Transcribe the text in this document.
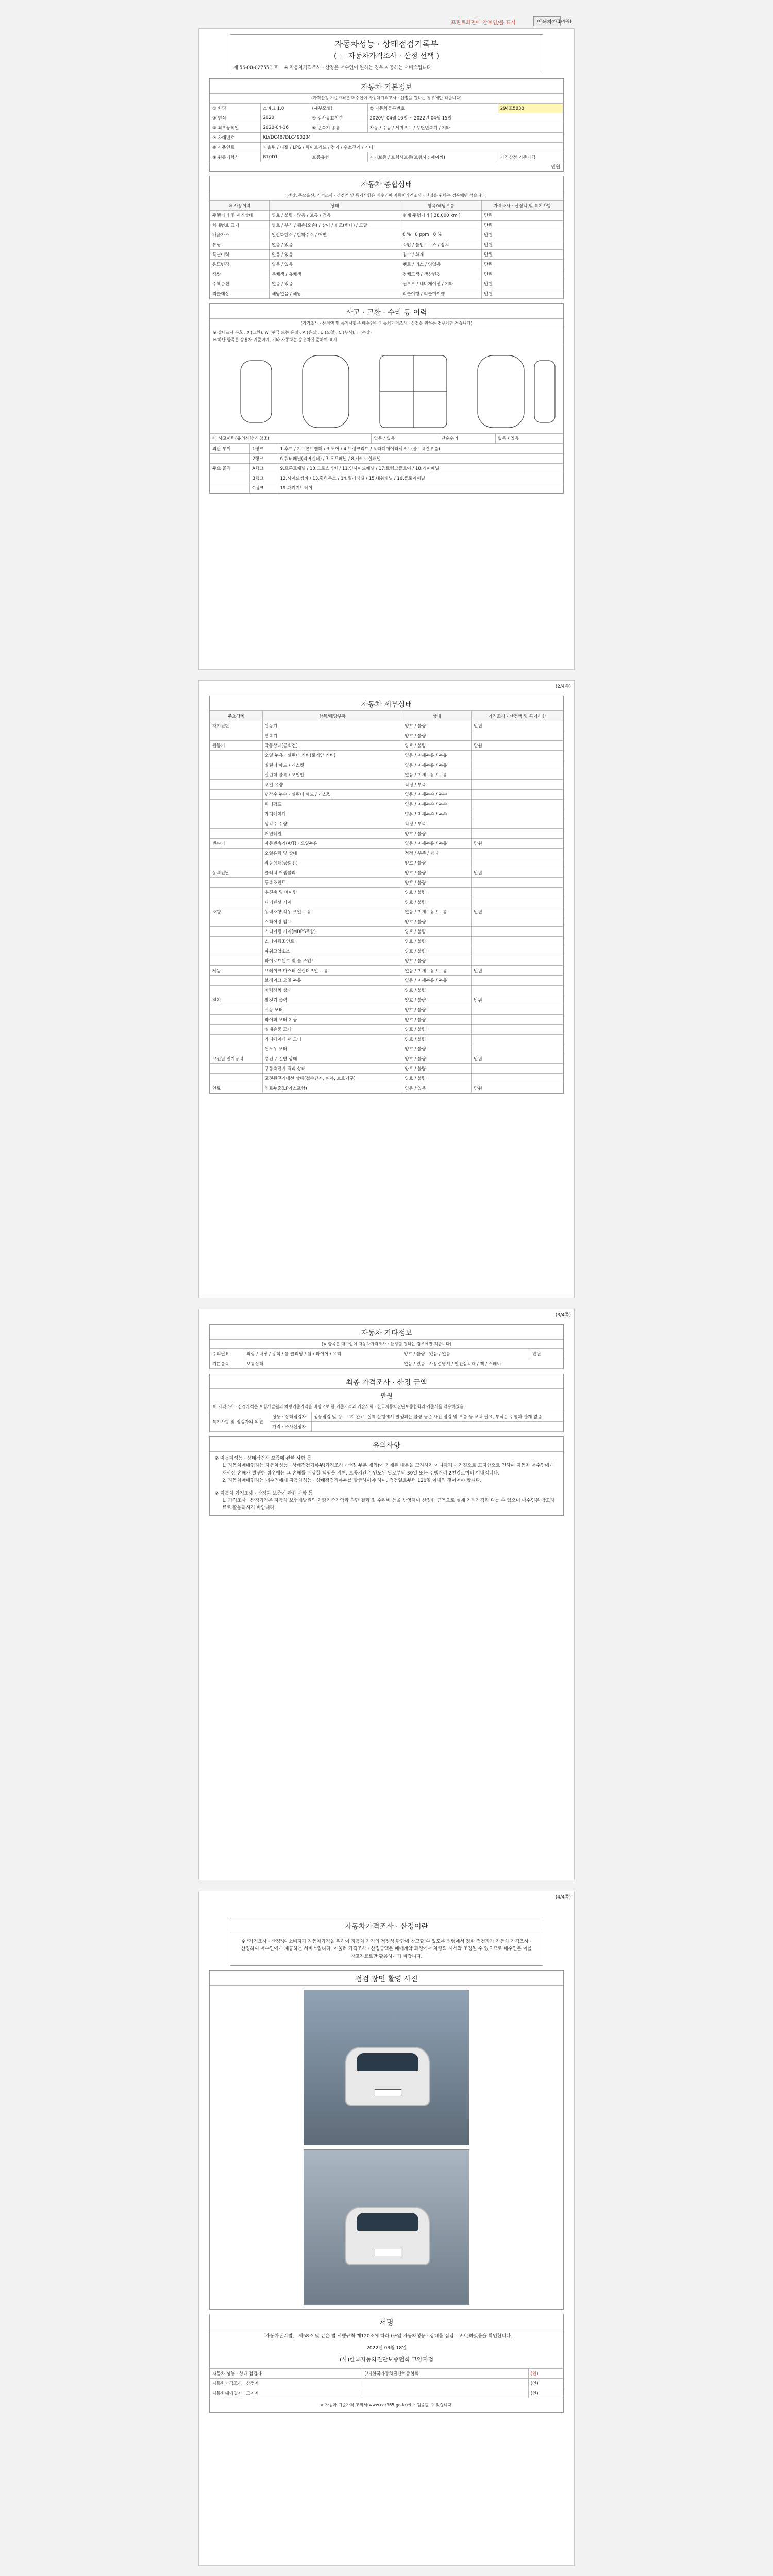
프린트화면에 안보임/를 표시	인쇄하기
(1/4쪽)
자동차성능 · 상태점검기록부
( □ 자동차가격조사 · 산정 선택 )
제 56-00-027551 호 ※ 자동차가격조사 · 산정은 매수인이 원하는 경우 제공하는 서비스입니다.
자동차 기본정보
(가격산정 기준가격은 매수인이 자동차가격조사 · 산정을 원하는 경우에만 적습니다)
① 차명	스파크 1.0	(세부모델)	② 자동차등록번호	294조5838
③ 연식	2020	④ 검사유효기간	2020년 04월 16일 ~ 2022년 04월 15일	
⑤ 최초등록일	2020-04-16	⑥ 변속기 종류	자동 / 수동 / 세미오토 / 무단변속기 / 기타	
⑦ 차대번호	KLYDC487DLC490284			
⑧ 사용연료	가솔린 / 디젤 / LPG / 하이브리드 / 전기 / 수소전기 / 기타			
⑨ 원동기형식	B10D1	보증유형	자가보증 / 보험사보증(보험사 : 제이씨)	가격산정 기준가격
만원
자동차 종합상태
(색상, 주요옵션, 가격조사 · 산정액 및 특기사항은 매수인이 자동차가격조사 · 산정을 원하는 경우에만 적습니다)
⑩ 사용이력	상태	항목/해당부품	가격조사 · 산정액 및 특기사항
주행거리 및 계기상태	양호 / 불량 · 많음 / 보통 / 적음	현재 주행거리 [ 28,000 km ]	만원
차대번호 표기	양호 / 부식 / 훼손(오손) / 상이 / 변조(변타) / 도말		만원
배출가스	일산화탄소 / 탄화수소 / 매연	0 % · 0 ppm · 0 %	만원
튜닝	없음 / 있음	적법 / 불법 · 구조 / 장치	만원
특별이력	없음 / 있음	침수 / 화재	만원
용도변경	없음 / 있음	렌트 / 리스 / 영업용	만원
색상	무채색 / 유채색	전체도색 / 색상변경	만원
주요옵션	없음 / 있음	썬루프 / 네비게이션 / 기타	만원
리콜대상	해당없음 / 해당	리콜이행 / 리콜미이행	만원
사고 · 교환 · 수리 등 이력
(가격조사 · 산정액 및 특기사항은 매수인이 자동차가격조사 · 산정을 원하는 경우에만 적습니다)
※ 상태표시 부호 : X (교환), W (판금 또는 용접), A (흠집), U (요철), C (부식), T (손상)
※ 하단 항목은 승용차 기준이며, 기타 자동차는 승용차에 준하여 표시
⑪ 사고이력(유의사항 4 참조)	없음 / 있음	단순수리	없음 / 있음
외판 부위	1랭크	1.후드 / 2.프론트펜더 / 3.도어 / 4.트렁크리드 / 5.라디에이터서포트(볼트체결부품)
	2랭크	6.쿼터패널(리어펜더) / 7.루프패널 / 8.사이드실패널
주요 골격	A랭크	9.프론트패널 / 10.크로스멤버 / 11.인사이드패널 / 17.트렁크플로어 / 18.리어패널
	B랭크	12.사이드멤버 / 13.휠하우스 / 14.필러패널 / 15.대쉬패널 / 16.플로어패널
	C랭크	19.패키지트레이
(2/4쪽)
자동차 세부상태
주요장치	항목/해당부품	상태	가격조사 · 산정액 및 특기사항
자기진단	원동기	양호 / 불량	만원
	변속기	양호 / 불량	
원동기	작동상태(공회전)	양호 / 불량	만원
	오일 누유 · 실린더 커버(로커암 커버)	없음 / 미세누유 / 누유	
	실린더 헤드 / 개스킷	없음 / 미세누유 / 누유	
	실린더 블록 / 오일팬	없음 / 미세누유 / 누유	
	오일 유량	적정 / 부족	
	냉각수 누수 · 실린더 헤드 / 개스킷	없음 / 미세누수 / 누수	
	워터펌프	없음 / 미세누수 / 누수	
	라디에이터	없음 / 미세누수 / 누수	
	냉각수 수량	적정 / 부족	
	커먼레일	양호 / 불량	
변속기	자동변속기(A/T) · 오일누유	없음 / 미세누유 / 누유	만원
	오일유량 및 상태	적정 / 부족 / 과다	
	작동상태(공회전)	양호 / 불량	
동력전달	클러치 어셈블리	양호 / 불량	만원
	등속조인트	양호 / 불량	
	추진축 및 베어링	양호 / 불량	
	디퍼렌셜 기어	양호 / 불량	
조향	동력조향 작동 오일 누유	없음 / 미세누유 / 누유	만원
	스티어링 펌프	양호 / 불량	
	스티어링 기어(MDPS포함)	양호 / 불량	
	스티어링조인트	양호 / 불량	
	파워고압호스	양호 / 불량	
	타이로드엔드 및 볼 조인트	양호 / 불량	
제동	브레이크 마스터 실린더오일 누유	없음 / 미세누유 / 누유	만원
	브레이크 오일 누유	없음 / 미세누유 / 누유	
	배력장치 상태	양호 / 불량	
전기	발전기 출력	양호 / 불량	만원
	시동 모터	양호 / 불량	
	와이퍼 모터 기능	양호 / 불량	
	실내송풍 모터	양호 / 불량	
	라디에이터 팬 모터	양호 / 불량	
	윈도우 모터	양호 / 불량	
고전원 전기장치	충전구 절연 상태	양호 / 불량	만원
	구동축전지 격리 상태	양호 / 불량	
	고전원전기배선 상태(접속단자, 피복, 보호기구)	양호 / 불량	
연료	연료누출(LP가스포함)	없음 / 있음	만원
(3/4쪽)
자동차 기타정보
(※ 항목은 매수인이 자동차가격조사 · 산정을 원하는 경우에만 적습니다)
수리필요	외장 / 내장 / 광택 / 룸 클리닝 / 휠 / 타이어 / 유리	양호 / 불량 · 있음 / 없음	만원
기본품목	보유상태	없음 / 있음 · 사용설명서 / 안전삼각대 / 잭 / 스패너	
최종 가격조사 · 산정 금액
만원
이 가격조사 · 산정가격은 보험개발원의 차량기준가액을 바탕으로 한 기준가격과 기술사회 · 한국자동차진단보증협회의 기준서를 적용하였음
특기사항 및 점검자의 의견	성능 · 상태점검자	성능점검 및 정보고지 완료, 실제 운행에서 발생되는 불량 등은 사전 점검 및 부품 등 교체 필요, 부식은 주행과 관계 없음
	가격 · 조사산정자	
유의사항
※ 자동차성능 · 상태점검자 보증에 관한 사항 등
1. 자동차매매업자는 자동차성능 · 상태점검기록부(가격조사 · 산정 부분 제외)에 기재된 내용을 고지하지 아니하거나 거짓으로 고지함으로 인하여 자동차 매수인에게 재산상 손해가 발생한 경우에는 그 손해를 배상할 책임을 지며, 보증기간은 인도된 날로부터 30일 또는 주행거리 2천킬로미터 이내입니다.
2. 자동차매매업자는 매수인에게 자동차성능 · 상태점검기록부를 발급하여야 하며, 점검일로부터 120일 이내의 것이어야 합니다.
※ 자동차 가격조사 · 산정자 보증에 관한 사항 등
1. 가격조사 · 산정가격은 자동차 보험개발원의 차량기준가액과 진단 결과 및 수리비 등을 반영하여 산정한 금액으로 실제 거래가격과 다를 수 있으며 매수인은 참고자료로 활용하시기 바랍니다.
(4/4쪽)
자동차가격조사 · 산정이란
※ "가격조사 · 산정"은 소비자가 자동차가격을 위하여 자동차 가격의 적정성 판단에 참고할 수 있도록 법령에서 정한 점검자가 자동차 가격조사 · 산정하여 매수인에게 제공하는 서비스입니다. 아울러 가격조사 · 산정금액은 매매계약 과정에서 차량의 시세와 조정될 수 있으므로 매수인은 이를 참고자료로만 활용하시기 바랍니다.
점검 장면 촬영 사진
서명
「자동차관리법」 제58조 및 같은 법 시행규칙 제120조에 따라 (구입 자동차성능 · 상태를 점검 · 고지)하였음을 확인합니다.
2022년 03월 18일
(사)한국자동차진단보증협회 고양지점
자동차 성능 · 상태 점검자	(사)한국자동차진단보증협회	(인)
자동차가격조사 · 산정자		(인)
자동차매매업자 · 고지자		(인)
※ 자동차 기준가격 조회서(www.car365.go.kr)에서 검증할 수 있습니다.
